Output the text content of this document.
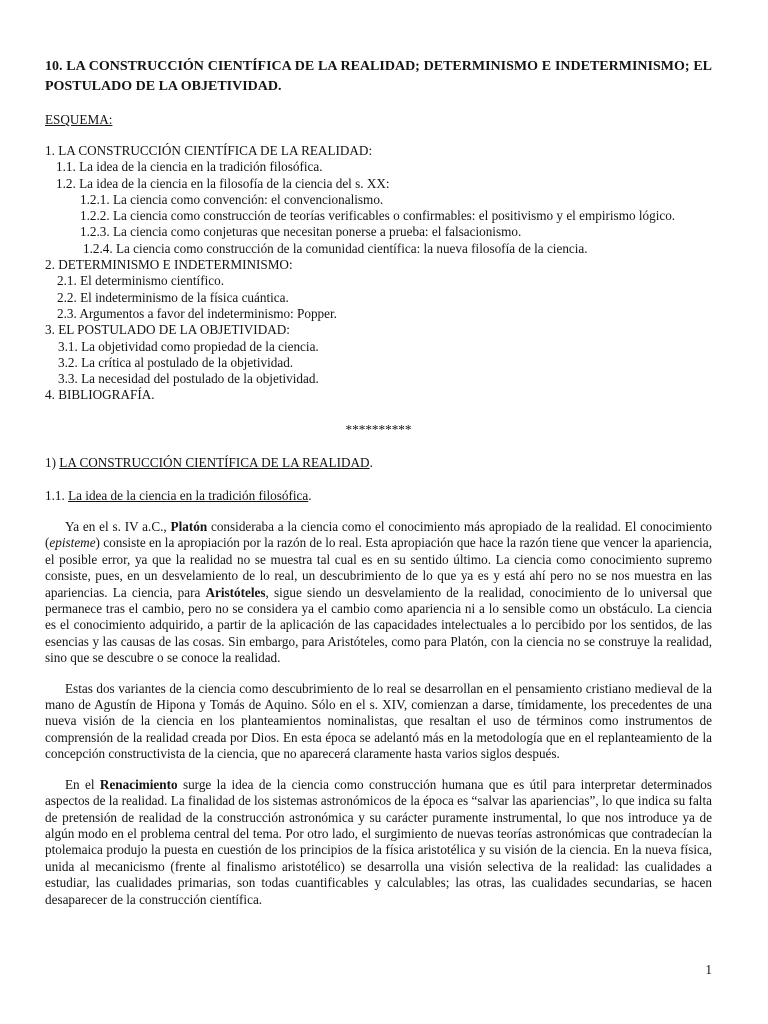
10. LA CONSTRUCCIÓN CIENTÍFICA DE LA REALIDAD; DETERMINISMO E INDETERMINISMO; EL POSTULADO DE LA OBJETIVIDAD.
ESQUEMA:
1. LA CONSTRUCCIÓN CIENTÍFICA DE LA REALIDAD:
1.1. La idea de la ciencia en la tradición filosófica.
1.2. La idea de la ciencia en la filosofía de la ciencia del s. XX:
1.2.1. La ciencia como convención: el convencionalismo.
1.2.2. La ciencia como construcción de teorías verificables o confirmables: el positivismo y el empirismo lógico.
1.2.3. La ciencia como conjeturas que necesitan ponerse a prueba: el falsacionismo.
1.2.4. La ciencia como construcción de la comunidad científica: la nueva filosofía de la ciencia.
2. DETERMINISMO E INDETERMINISMO:
2.1. El determinismo científico.
2.2. El indeterminismo de la física cuántica.
2.3. Argumentos a favor del indeterminismo: Popper.
3. EL POSTULADO DE LA OBJETIVIDAD:
3.1. La objetividad como propiedad de la ciencia.
3.2. La crítica al postulado de la objetividad.
3.3. La necesidad del postulado de la objetividad.
4. BIBLIOGRAFÍA.
**********
1) LA CONSTRUCCIÓN CIENTÍFICA DE LA REALIDAD.
1.1. La idea de la ciencia en la tradición filosófica.

Ya en el s. IV a.C., Platón consideraba a la ciencia como el conocimiento más apropiado de la realidad. El conocimiento (episteme) consiste en la apropiación por la razón de lo real. Esta apropiación que hace la razón tiene que vencer la apariencia, el posible error, ya que la realidad no se muestra tal cual es en su sentido último. La ciencia como conocimiento supremo consiste, pues, en un desvelamiento de lo real, un descubrimiento de lo que ya es y está ahí pero no se nos muestra en las apariencias. La ciencia, para Aristóteles, sigue siendo un desvelamiento de la realidad, conocimiento de lo universal que permanece tras el cambio, pero no se considera ya el cambio como apariencia ni a lo sensible como un obstáculo. La ciencia es el conocimiento adquirido, a partir de la aplicación de las capacidades intelectuales a lo percibido por los sentidos, de las esencias y las causas de las cosas. Sin embargo, para Aristóteles, como para Platón, con la ciencia no se construye la realidad, sino que se descubre o se conoce la realidad.

Estas dos variantes de la ciencia como descubrimiento de lo real se desarrollan en el pensamiento cristiano medieval de la mano de Agustín de Hipona y Tomás de Aquino. Sólo en el s. XIV, comienzan a darse, tímidamente, los precedentes de una nueva visión de la ciencia en los planteamientos nominalistas, que resaltan el uso de términos como instrumentos de comprensión de la realidad creada por Dios. En esta época se adelantó más en la metodología que en el replanteamiento de la concepción constructivista de la ciencia, que no aparecerá claramente hasta varios siglos después.

En el Renacimiento surge la idea de la ciencia como construcción humana que es útil para interpretar determinados aspectos de la realidad. La finalidad de los sistemas astronómicos de la época es “salvar las apariencias”, lo que indica su falta de pretensión de realidad de la construcción astronómica y su carácter puramente instrumental, lo que nos introduce ya de algún modo en el problema central del tema. Por otro lado, el surgimiento de nuevas teorías astronómicas que contradecían la ptolemaica produjo la puesta en cuestión de los principios de la física aristotélica y su visión de la ciencia. En la nueva física, unida al mecanicismo (frente al finalismo aristotélico) se desarrolla una visión selectiva de la realidad: las cualidades a estudiar, las cualidades primarias, son todas cuantificables y calculables; las otras, las cualidades secundarias, se hacen desaparecer de la construcción científica.

1
